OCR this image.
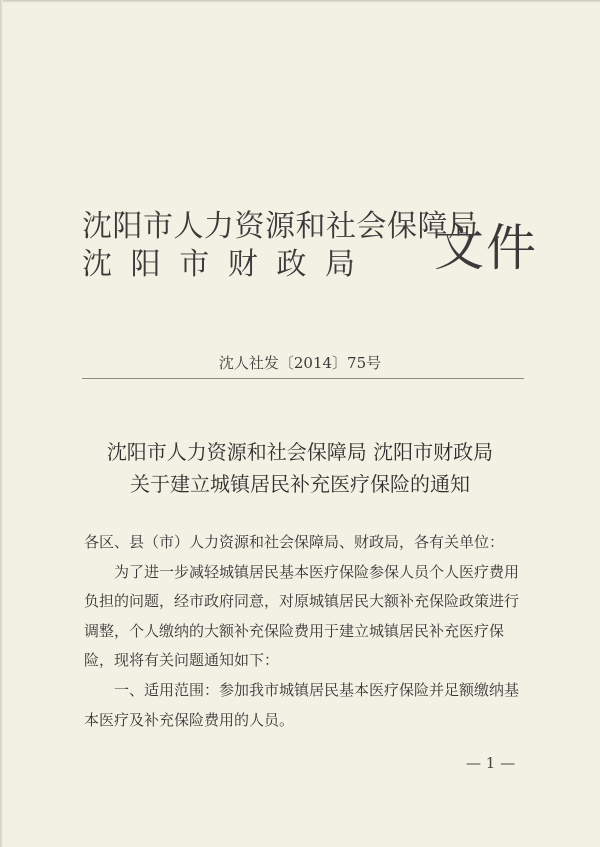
沈阳市人力资源和社会保障局
沈阳市财政局 文件
沈人社发〔2014〕75号
沈阳市人力资源和社会保障局 沈阳市财政局
关于建立城镇居民补充医疗保险的通知

各区、县（市）人力资源和社会保障局、财政局，各有关单位：

为了进一步减轻城镇居民基本医疗保险参保人员个人医疗费用负担的问题，经市政府同意，对原城镇居民大额补充保险政策进行调整，个人缴纳的大额补充保险费用于建立城镇居民补充医疗保险，现将有关问题通知如下：

一、适用范围：参加我市城镇居民基本医疗保险并足额缴纳基本医疗及补充保险费用的人员。

— 1 —
